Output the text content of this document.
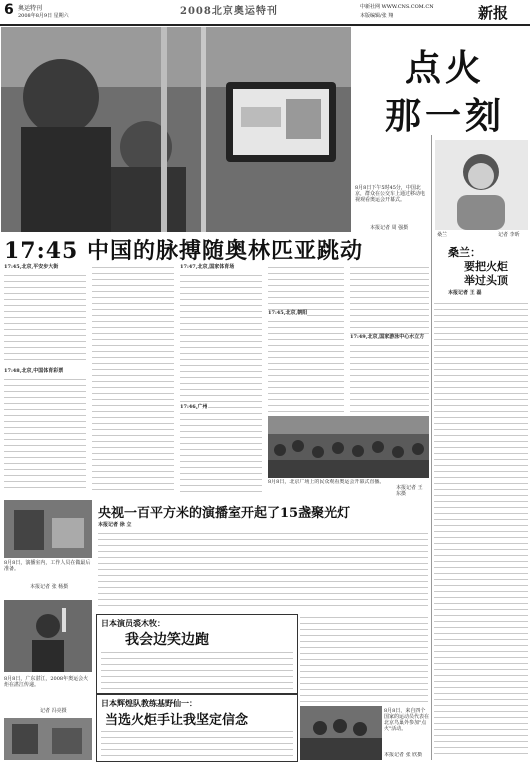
6 奥运特刊
2008年8月9日 星期六	2008北京奥运特刊	中新社网 WWW.CNS.COM.CN
本版编辑/张 翔	新报
点火
那一刻
8月8日下午5时45分，中国北京，群众在公交车上通过移动电视观看奥运会开幕式。
本报记者 周 强摄
桑兰	记者 李昕
17:45 中国的脉搏随奥林匹亚跳动	桑兰：
要把火炬
举过头顶
本报记者 王 磊
17:45,北京,平安步大街
17:48,北京,中国体育彩票
17:47,北京,国家体育场
17:46,广州
17:45,北京,朝阳
17:49,北京,国家游泳中心水立方
8月8日，北京广场上的民众观看奥运会开幕式直播。
本报记者 王 东摄
央视一百平方米的演播室开起了15盏聚光灯
8月8日，演播室内，工作人员在做最后准备。
本报记者 张 杨摄
本报记者 徐 立
8月8日，广东湛江，2008年奥运会火炬在湛江传递。
记者 冯亮摄
日本演员裘木牧：
我会边笑边跑
日本辉煌队教练基野仙一：
当选火炬手让我坚定信念
8月8日，来自四个国家的运动员代表在北京鸟巢外参加"点火"活动。
本报记者 张 欣摄
